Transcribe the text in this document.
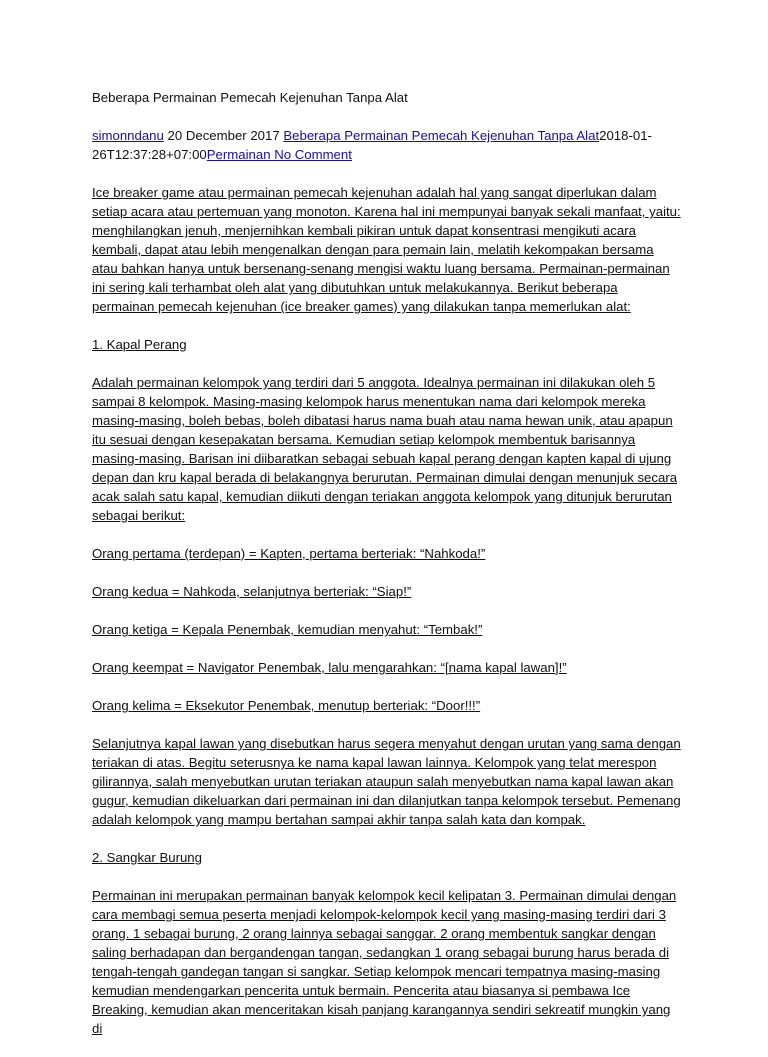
Beberapa Permainan Pemecah Kejenuhan Tanpa Alat

simonndanu 20 December 2017 Beberapa Permainan Pemecah Kejenuhan Tanpa Alat2018-01-26T12:37:28+07:00Permainan No Comment

Ice breaker game atau permainan pemecah kejenuhan adalah hal yang sangat diperlukan dalam setiap acara atau pertemuan yang monoton. Karena hal ini mempunyai banyak sekali manfaat, yaitu: menghilangkan jenuh, menjernihkan kembali pikiran untuk dapat konsentrasi mengikuti acara kembali, dapat atau lebih mengenalkan dengan para pemain lain, melatih kekompakan bersama atau bahkan hanya untuk bersenang-senang mengisi waktu luang bersama. Permainan-permainan ini sering kali terhambat oleh alat yang dibutuhkan untuk melakukannya. Berikut beberapa permainan pemecah kejenuhan (ice breaker games) yang dilakukan tanpa memerlukan alat:

1. Kapal Perang

Adalah permainan kelompok yang terdiri dari 5 anggota. Idealnya permainan ini dilakukan oleh 5 sampai 8 kelompok. Masing-masing kelompok harus menentukan nama dari kelompok mereka masing-masing, boleh bebas, boleh dibatasi harus nama buah atau nama hewan unik, atau apapun itu sesuai dengan kesepakatan bersama. Kemudian setiap kelompok membentuk barisannya masing-masing. Barisan ini diibaratkan sebagai sebuah kapal perang dengan kapten kapal di ujung depan dan kru kapal berada di belakangnya berurutan. Permainan dimulai dengan menunjuk secara acak salah satu kapal, kemudian diikuti dengan teriakan anggota kelompok yang ditunjuk berurutan sebagai berikut:

Orang pertama (terdepan) = Kapten, pertama berteriak: “Nahkoda!”

Orang kedua = Nahkoda, selanjutnya berteriak: “Siap!”

Orang ketiga = Kepala Penembak, kemudian menyahut: “Tembak!”

Orang keempat = Navigator Penembak, lalu mengarahkan: “[nama kapal lawan]!”

Orang kelima = Eksekutor Penembak, menutup berteriak: “Door!!!”

Selanjutnya kapal lawan yang disebutkan harus segera menyahut dengan urutan yang sama dengan teriakan di atas. Begitu seterusnya ke nama kapal lawan lainnya. Kelompok yang telat merespon gilirannya, salah menyebutkan urutan teriakan ataupun salah menyebutkan nama kapal lawan akan gugur, kemudian dikeluarkan dari permainan ini dan dilanjutkan tanpa kelompok tersebut. Pemenang adalah kelompok yang mampu bertahan sampai akhir tanpa salah kata dan kompak.

2. Sangkar Burung

Permainan ini merupakan permainan banyak kelompok kecil kelipatan 3. Permainan dimulai dengan cara membagi semua peserta menjadi kelompok-kelompok kecil yang masing-masing terdiri dari 3 orang. 1 sebagai burung, 2 orang lainnya sebagai sanggar. 2 orang membentuk sangkar dengan saling berhadapan dan bergandengan tangan, sedangkan 1 orang sebagai burung harus berada di tengah-tengah gandegan tangan si sangkar. Setiap kelompok mencari tempatnya masing-masing kemudian mendengarkan pencerita untuk bermain. Pencerita atau biasanya si pembawa Ice Breaking, kemudian akan menceritakan kisah panjang karangannya sendiri sekreatif mungkin yang di
